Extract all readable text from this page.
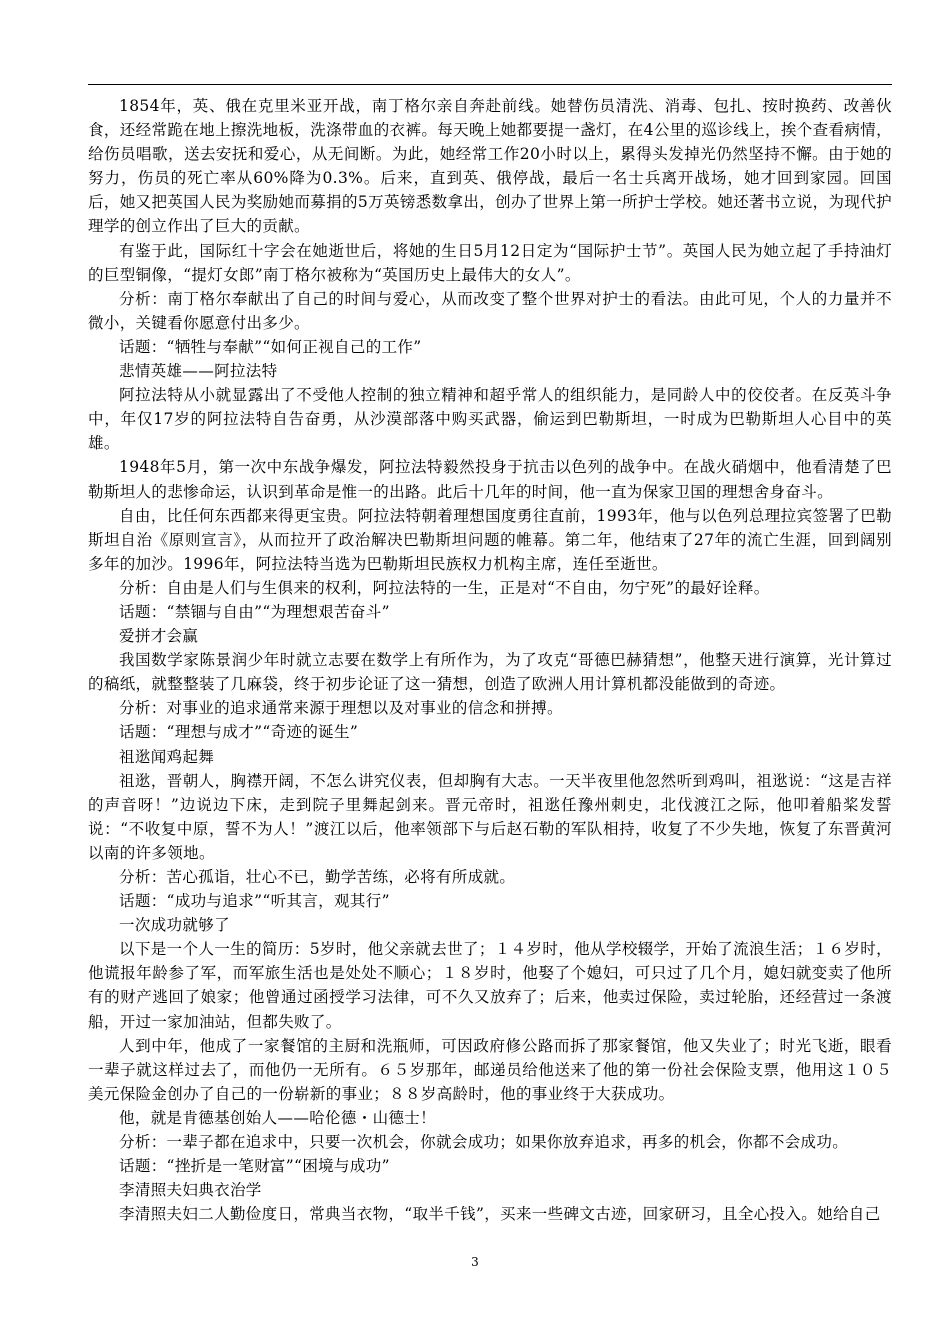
1854年，英、俄在克里米亚开战，南丁格尔亲自奔赴前线。她替伤员清洗、消毒、包扎、按时换药、改善伙食，还经常跪在地上擦洗地板，洗涤带血的衣裤。每天晚上她都要提一盏灯，在4公里的巡诊线上，挨个查看病情，给伤员唱歌，送去安抚和爱心，从无间断。为此，她经常工作20小时以上，累得头发掉光仍然坚持不懈。由于她的努力，伤员的死亡率从60%降为0.3%。后来，直到英、俄停战，最后一名士兵离开战场，她才回到家园。回国后，她又把英国人民为奖励她而募捐的5万英镑悉数拿出，创办了世界上第一所护士学校。她还著书立说，为现代护理学的创立作出了巨大的贡献。

有鉴于此，国际红十字会在她逝世后，将她的生日5月12日定为“国际护士节”。英国人民为她立起了手持油灯的巨型铜像，“提灯女郎”南丁格尔被称为“英国历史上最伟大的女人”。

分析：南丁格尔奉献出了自己的时间与爱心，从而改变了整个世界对护士的看法。由此可见，个人的力量并不微小，关键看你愿意付出多少。

话题：“牺牲与奉献”“如何正视自己的工作”

悲情英雄——阿拉法特

阿拉法特从小就显露出了不受他人控制的独立精神和超乎常人的组织能力，是同龄人中的佼佼者。在反英斗争中，年仅17岁的阿拉法特自告奋勇，从沙漠部落中购买武器，偷运到巴勒斯坦，一时成为巴勒斯坦人心目中的英雄。

1948年5月，第一次中东战争爆发，阿拉法特毅然投身于抗击以色列的战争中。在战火硝烟中，他看清楚了巴勒斯坦人的悲惨命运，认识到革命是惟一的出路。此后十几年的时间，他一直为保家卫国的理想舍身奋斗。

自由，比任何东西都来得更宝贵。阿拉法特朝着理想国度勇往直前，1993年，他与以色列总理拉宾签署了巴勒斯坦自治《原则宣言》，从而拉开了政治解决巴勒斯坦问题的帷幕。第二年，他结束了27年的流亡生涯，回到阔别多年的加沙。1996年，阿拉法特当选为巴勒斯坦民族权力机构主席，连任至逝世。

分析：自由是人们与生俱来的权利，阿拉法特的一生，正是对“不自由，勿宁死”的最好诠释。

话题：“禁锢与自由”“为理想艰苦奋斗”

爱拼才会赢

我国数学家陈景润少年时就立志要在数学上有所作为，为了攻克“哥德巴赫猜想”，他整天进行演算，光计算过的稿纸，就整整装了几麻袋，终于初步论证了这一猜想，创造了欧洲人用计算机都没能做到的奇迹。

分析：对事业的追求通常来源于理想以及对事业的信念和拼搏。

话题：“理想与成才”“奇迹的诞生”

祖逖闻鸡起舞

祖逖，晋朝人，胸襟开阔，不怎么讲究仪表，但却胸有大志。一天半夜里他忽然听到鸡叫，祖逖说：“这是吉祥的声音呀！”边说边下床，走到院子里舞起剑来。晋元帝时，祖逖任豫州刺史，北伐渡江之际，他叩着船桨发誓说：“不收复中原，誓不为人！”渡江以后，他率领部下与后赵石勒的军队相持，收复了不少失地，恢复了东晋黄河以南的许多领地。

分析：苦心孤诣，壮心不已，勤学苦练，必将有所成就。

话题：“成功与追求”“听其言，观其行”

一次成功就够了

以下是一个人一生的简历：5岁时，他父亲就去世了；１４岁时，他从学校辍学，开始了流浪生活；１６岁时，他谎报年龄参了军，而军旅生活也是处处不顺心；１８岁时，他娶了个媳妇，可只过了几个月，媳妇就变卖了他所有的财产逃回了娘家；他曾通过函授学习法律，可不久又放弃了；后来，他卖过保险，卖过轮胎，还经营过一条渡船，开过一家加油站，但都失败了。

人到中年，他成了一家餐馆的主厨和洗瓶师，可因政府修公路而拆了那家餐馆，他又失业了；时光飞逝，眼看一辈子就这样过去了，而他仍一无所有。６５岁那年，邮递员给他送来了他的第一份社会保险支票，他用这１０５美元保险金创办了自己的一份崭新的事业；８８岁高龄时，他的事业终于大获成功。

他，就是肯德基创始人——哈伦德・山德士！

分析：一辈子都在追求中，只要一次机会，你就会成功；如果你放弃追求，再多的机会，你都不会成功。

话题：“挫折是一笔财富”“困境与成功”

李清照夫妇典衣治学

李清照夫妇二人勤俭度日，常典当衣物，“取半千钱”，买来一些碑文古迹，回家研习，且全心投入。她给自己

3
